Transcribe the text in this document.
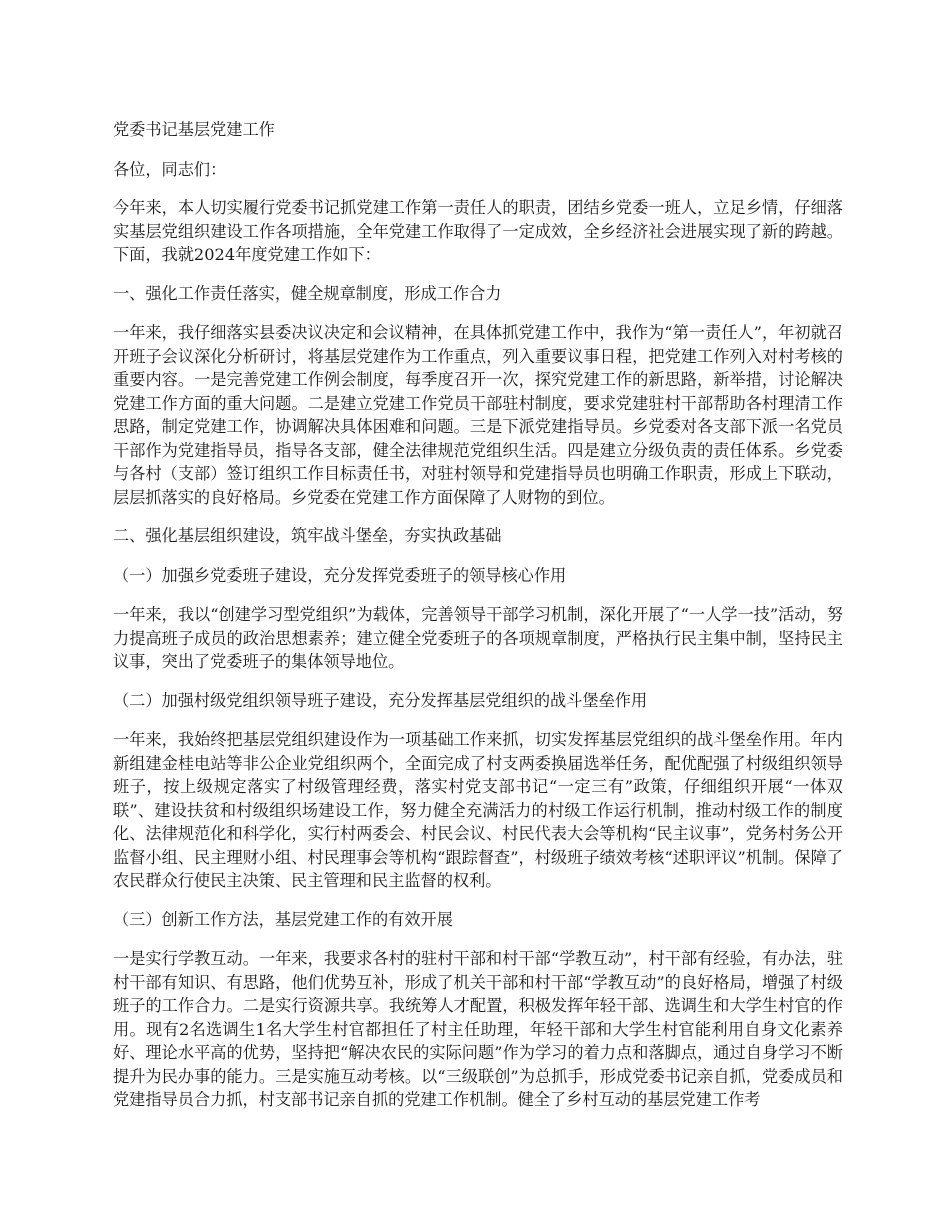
党委书记基层党建工作

各位，同志们：

今年来，本人切实履行党委书记抓党建工作第一责任人的职责，团结乡党委一班人，立足乡情，仔细落实基层党组织建设工作各项措施，全年党建工作取得了一定成效，全乡经济社会进展实现了新的跨越。下面，我就2024年度党建工作如下：

一、强化工作责任落实，健全规章制度，形成工作合力

一年来，我仔细落实县委决议决定和会议精神，在具体抓党建工作中，我作为“第一责任人”，年初就召开班子会议深化分析研讨，将基层党建作为工作重点，列入重要议事日程，把党建工作列入对村考核的重要内容。一是完善党建工作例会制度，每季度召开一次，探究党建工作的新思路，新举措，讨论解决党建工作方面的重大问题。二是建立党建工作党员干部驻村制度，要求党建驻村干部帮助各村理清工作思路，制定党建工作，协调解决具体困难和问题。三是下派党建指导员。乡党委对各支部下派一名党员干部作为党建指导员，指导各支部，健全法律规范党组织生活。四是建立分级负责的责任体系。乡党委与各村（支部）签订组织工作目标责任书，对驻村领导和党建指导员也明确工作职责，形成上下联动，层层抓落实的良好格局。乡党委在党建工作方面保障了人财物的到位。

二、强化基层组织建设，筑牢战斗堡垒，夯实执政基础

（一）加强乡党委班子建设，充分发挥党委班子的领导核心作用

一年来，我以“创建学习型党组织”为载体，完善领导干部学习机制，深化开展了“一人学一技”活动，努力提高班子成员的政治思想素养；建立健全党委班子的各项规章制度，严格执行民主集中制，坚持民主议事，突出了党委班子的集体领导地位。

（二）加强村级党组织领导班子建设，充分发挥基层党组织的战斗堡垒作用

一年来，我始终把基层党组织建设作为一项基础工作来抓，切实发挥基层党组织的战斗堡垒作用。年内新组建金桂电站等非公企业党组织两个，全面完成了村支两委换届选举任务，配优配强了村级组织领导班子，按上级规定落实了村级管理经费，落实村党支部书记“一定三有”政策，仔细组织开展“一体双联”、建设扶贫和村级组织场建设工作，努力健全充满活力的村级工作运行机制，推动村级工作的制度化、法律规范化和科学化，实行村两委会、村民会议、村民代表大会等机构“民主议事”，党务村务公开监督小组、民主理财小组、村民理事会等机构“跟踪督查”，村级班子绩效考核“述职评议”机制。保障了农民群众行使民主决策、民主管理和民主监督的权利。

（三）创新工作方法，基层党建工作的有效开展

一是实行学教互动。一年来，我要求各村的驻村干部和村干部“学教互动”，村干部有经验，有办法，驻村干部有知识、有思路，他们优势互补，形成了机关干部和村干部“学教互动”的良好格局，增强了村级班子的工作合力。二是实行资源共享。我统筹人才配置，积极发挥年轻干部、选调生和大学生村官的作用。现有2名选调生1名大学生村官都担任了村主任助理，年轻干部和大学生村官能利用自身文化素养好、理论水平高的优势，坚持把“解决农民的实际问题”作为学习的着力点和落脚点，通过自身学习不断提升为民办事的能力。三是实施互动考核。以“三级联创”为总抓手，形成党委书记亲自抓，党委成员和党建指导员合力抓，村支部书记亲自抓的党建工作机制。健全了乡村互动的基层党建工作考
